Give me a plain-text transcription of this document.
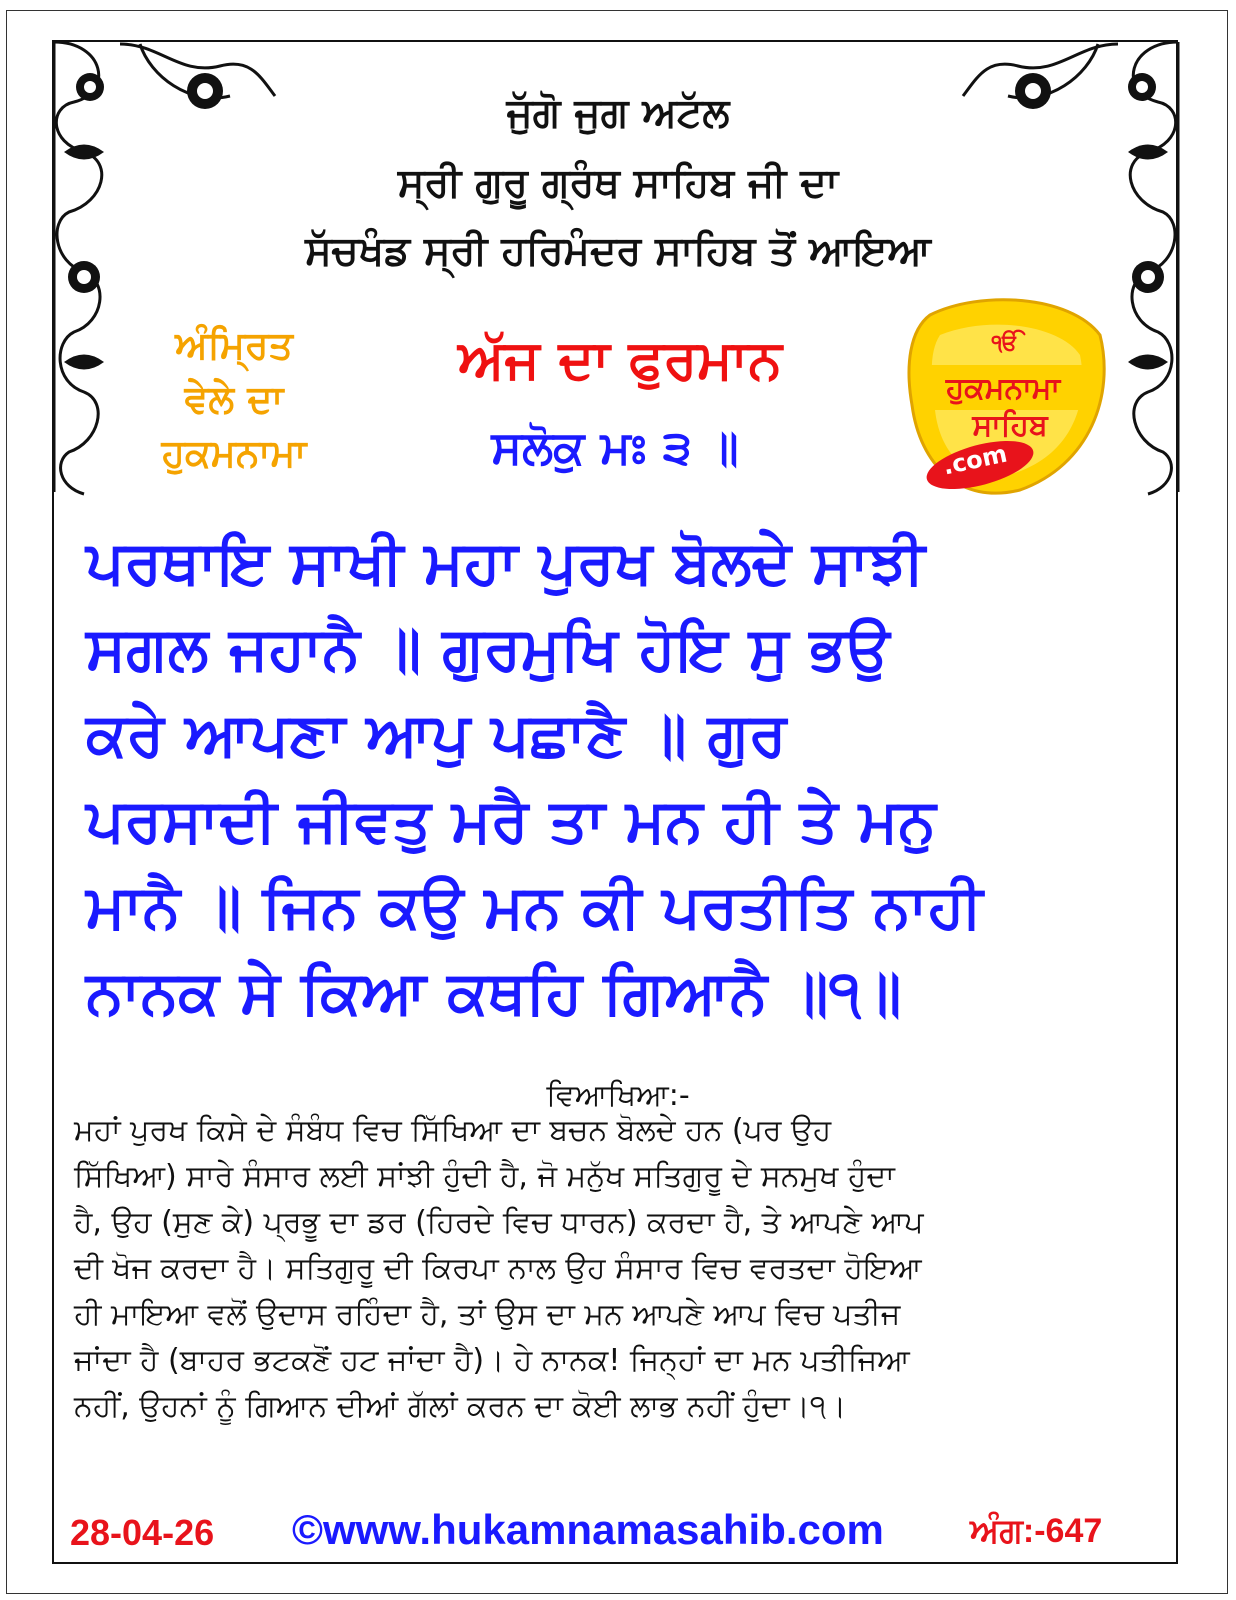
ਜੁੱਗੋ ਜੁਗ ਅਟੱਲ
ਸ੍ਰੀ ਗੁਰੂ ਗ੍ਰੰਥ ਸਾਹਿਬ ਜੀ ਦਾ
ਸੱਚਖੰਡ ਸ੍ਰੀ ਹਰਿਮੰਦਰ ਸਾਹਿਬ ਤੋਂ ਆਇਆ
ਅੰਮ੍ਰਿਤ
ਵੇਲੇ ਦਾ
ਹੁਕਮਨਾਮਾ
ਅੱਜ ਦਾ ਫੁਰਮਾਨ
ਸਲੋਕੁ ਮਃ ੩ ॥
ੴ
ਹੁਕਮਨਾਮਾ
ਸਾਹਿਬ
.com
ਪਰਥਾਇ ਸਾਖੀ ਮਹਾ ਪੁਰਖ ਬੋਲਦੇ ਸਾਝੀ
ਸਗਲ ਜਹਾਨੈ ॥ ਗੁਰਮੁਖਿ ਹੋਇ ਸੁ ਭਉ
ਕਰੇ ਆਪਣਾ ਆਪੁ ਪਛਾਣੈ ॥ ਗੁਰ
ਪਰਸਾਦੀ ਜੀਵਤੁ ਮਰੈ ਤਾ ਮਨ ਹੀ ਤੇ ਮਨੁ
ਮਾਨੈ ॥ ਜਿਨ ਕਉ ਮਨ ਕੀ ਪਰਤੀਤਿ ਨਾਹੀ
ਨਾਨਕ ਸੇ ਕਿਆ ਕਥਹਿ ਗਿਆਨੈ ॥੧॥
ਵਿਆਖਿਆ:-
ਮਹਾਂ ਪੁਰਖ ਕਿਸੇ ਦੇ ਸੰਬੰਧ ਵਿਚ ਸਿੱਖਿਆ ਦਾ ਬਚਨ ਬੋਲਦੇ ਹਨ (ਪਰ ਉਹ
ਸਿੱਖਿਆ) ਸਾਰੇ ਸੰਸਾਰ ਲਈ ਸਾਂਝੀ ਹੁੰਦੀ ਹੈ, ਜੋ ਮਨੁੱਖ ਸਤਿਗੁਰੂ ਦੇ ਸਨਮੁਖ ਹੁੰਦਾ
ਹੈ, ਉਹ (ਸੁਣ ਕੇ) ਪ੍ਰਭੂ ਦਾ ਡਰ (ਹਿਰਦੇ ਵਿਚ ਧਾਰਨ) ਕਰਦਾ ਹੈ, ਤੇ ਆਪਣੇ ਆਪ
ਦੀ ਖੋਜ ਕਰਦਾ ਹੈ। ਸਤਿਗੁਰੂ ਦੀ ਕਿਰਪਾ ਨਾਲ ਉਹ ਸੰਸਾਰ ਵਿਚ ਵਰਤਦਾ ਹੋਇਆ
ਹੀ ਮਾਇਆ ਵਲੋਂ ਉਦਾਸ ਰਹਿੰਦਾ ਹੈ, ਤਾਂ ਉਸ ਦਾ ਮਨ ਆਪਣੇ ਆਪ ਵਿਚ ਪਤੀਜ
ਜਾਂਦਾ ਹੈ (ਬਾਹਰ ਭਟਕਣੋਂ ਹਟ ਜਾਂਦਾ ਹੈ)। ਹੇ ਨਾਨਕ! ਜਿਨ੍ਹਾਂ ਦਾ ਮਨ ਪਤੀਜਿਆ
ਨਹੀਂ, ਉਹਨਾਂ ਨੂੰ ਗਿਆਨ ਦੀਆਂ ਗੱਲਾਂ ਕਰਨ ਦਾ ਕੋਈ ਲਾਭ ਨਹੀਂ ਹੁੰਦਾ।੧।
28-04-26 ©www.hukamnamasahib.com	ਅੰਗ:-647
